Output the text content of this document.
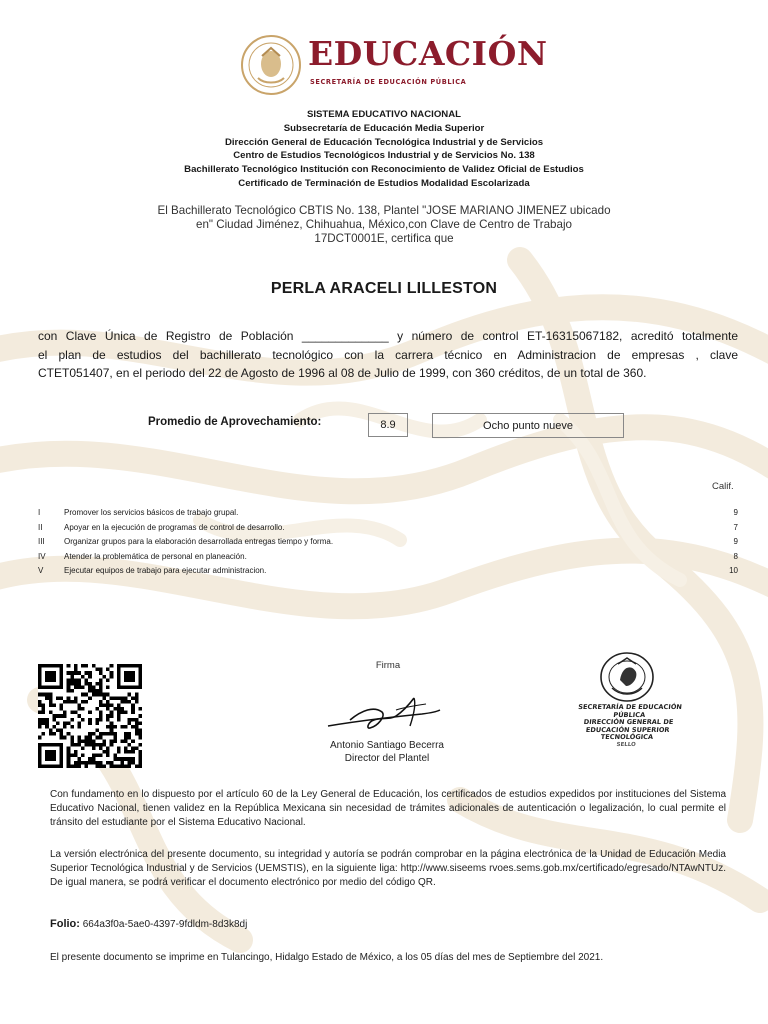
EDUCACIÓN
SECRETARÍA DE EDUCACIÓN PÚBLICA
SISTEMA EDUCATIVO NACIONAL
Subsecretaría de Educación Media Superior
Dirección General de Educación Tecnológica Industrial y de Servicios
Centro de Estudios Tecnológicos Industrial y de Servicios No. 138
Bachillerato Tecnológico Institución con Reconocimiento de Validez Oficial de Estudios
Certificado de Terminación de Estudios Modalidad Escolarizada
El Bachillerato Tecnológico CBTIS No. 138, Plantel "JOSE MARIANO JIMENEZ ubicado
en" Ciudad Jiménez, Chihuahua, México,con Clave de Centro de Trabajo
17DCT0001E, certifica que
PERLA ARACELI LILLESTON
con Clave Única de Registro de Población _____________ y número de control ET-16315067182, acreditó totalmente
el plan de estudios del bachillerato tecnológico con la carrera técnico en Administracion de empresas , clave
CTET051407, en el periodo del 22 de Agosto de 1996 al 08 de Julio de 1999, con 360 créditos, de un total de 360.
Promedio de Aprovechamiento:	8.9	Ocho punto nueve
Calif.
I	Promover los servicios básicos de trabajo grupal.	9
II	Apoyar en la ejecución de programas de control de desarrollo.	7
III	Organizar grupos para la elaboración desarrollada entregas tiempo y forma.	9
IV	Atender la problemática de personal en planeación.	8
V	Ejecutar equipos de trabajo para ejecutar administracion.	10
Firma
Antonio Santiago Becerra
Director del Plantel
SECRETARÍA DE EDUCACIÓN PÚBLICA
DIRECCIÓN GENERAL DE
EDUCACIÓN SUPERIOR TECNOLÓGICA
SELLO
Con fundamento en lo dispuesto por el artículo 60 de la Ley General de Educación, los certificados de estudios expedidos por instituciones del Sistema Educativo Nacional, tienen validez en la República Mexicana sin necesidad de trámites adicionales de autenticación o legalización, lo cual permite el tránsito del estudiante por el Sistema Educativo Nacional.
La versión electrónica del presente documento, su integridad y autoría se podrán comprobar en la página electrónica de la Unidad de Educación Media Superior Tecnológica Industrial y de Servicios (UEMSTIS), en la siguiente liga: http://www.siseems rvoes.sems.gob.mx/certificado/egresado/NTAwNTUz. De igual manera, se podrá verificar el documento electrónico por medio del código QR.
Folio: 664a3f0a-5ae0-4397-9fdldm-8d3k8dj
El presente documento se imprime en Tulancingo, Hidalgo Estado de México, a los 05 días del mes de Septiembre del 2021.
